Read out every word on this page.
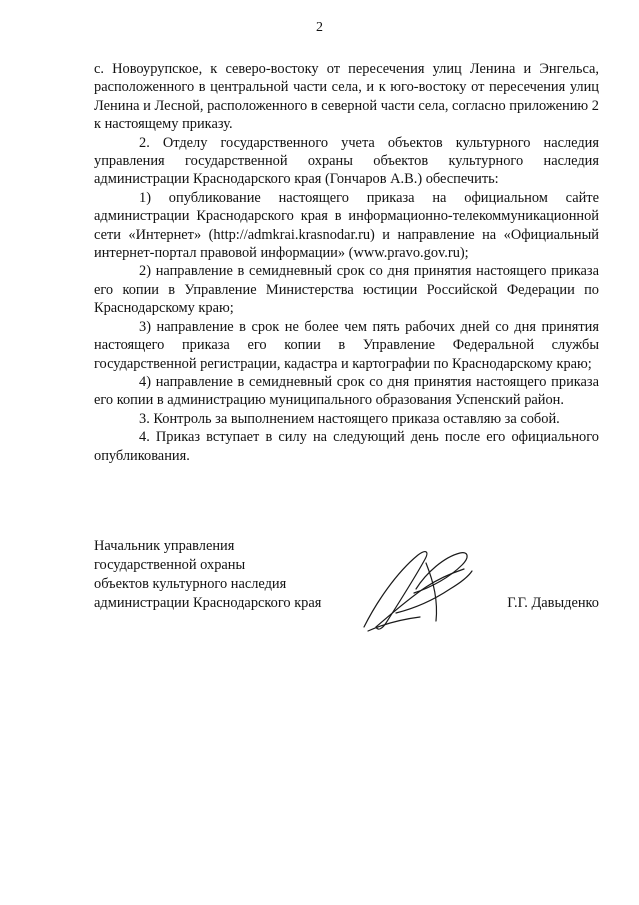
2

с. Новоурупское, к северо-востоку от пересечения улиц Ленина и Энгельса, расположенного в центральной части села, и к юго-востоку от пересечения улиц Ленина и Лесной, расположенного в северной части села, согласно приложению 2 к настоящему приказу.

2. Отделу государственного учета объектов культурного наследия управления государственной охраны объектов культурного наследия администрации Краснодарского края (Гончаров А.В.) обеспечить:

1) опубликование настоящего приказа на официальном сайте администрации Краснодарского края в информационно-телекоммуникационной сети «Интернет» (http://admkrai.krasnodar.ru) и направление на «Официальный интернет-портал правовой информации» (www.pravo.gov.ru);

2) направление в семидневный срок со дня принятия настоящего приказа его копии в Управление Министерства юстиции Российской Федерации по Краснодарскому краю;

3) направление в срок не более чем пять рабочих дней со дня принятия настоящего приказа его копии в Управление Федеральной службы государственной регистрации, кадастра и картографии по Краснодарскому краю;

4) направление в семидневный срок со дня принятия настоящего приказа его копии в администрацию муниципального образования Успенский район.

3. Контроль за выполнением настоящего приказа оставляю за собой.

4. Приказ вступает в силу на следующий день после его официального опубликования.

Начальник управления
государственной охраны
объектов культурного наследия
администрации Краснодарского края	Г.Г. Давыденко
